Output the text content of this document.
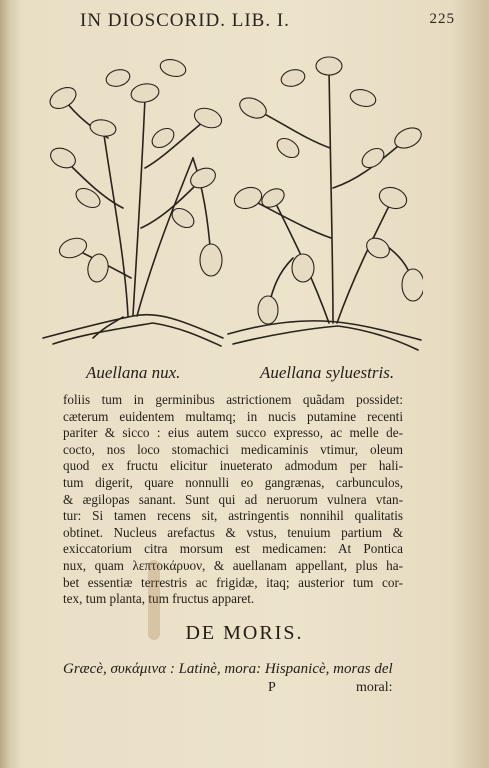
IN DIOSCORID. LIB. I.	225
Auellana nux.	Auellana syluestris.
foliis tum in germinibus astrictionem quãdam possidet:
cæterum euidentem multamq; in nucis putamine recenti
pariter & sicco : eius autem succo expresso, ac melle de-
cocto, nos loco stomachici medicaminis vtimur, oleum
quod ex fructu elicitur inueterato admodum per hali-
tum digerit, quare nonnulli eo gangrænas, carbunculos,
& ægilopas sanant. Sunt qui ad neruorum vulnera vtan-
tur: Si tamen recens sit, astringentis nonnihil qualitatis
obtinet. Nucleus arefactus & vstus, tenuium partium &
exiccatorium citra morsum est medicamen: At Pontica
nux, quam λεπτοκάρυον, & auellanam appellant, plus ha-
bet essentiæ terrestris ac frigidæ, itaq; austerior tum cor-
tex, tum planta, tum fructus apparet.
DE MORIS.
Græcè, συκάμινα : Latinè, mora: Hispanicè, moras del
P	moral:
